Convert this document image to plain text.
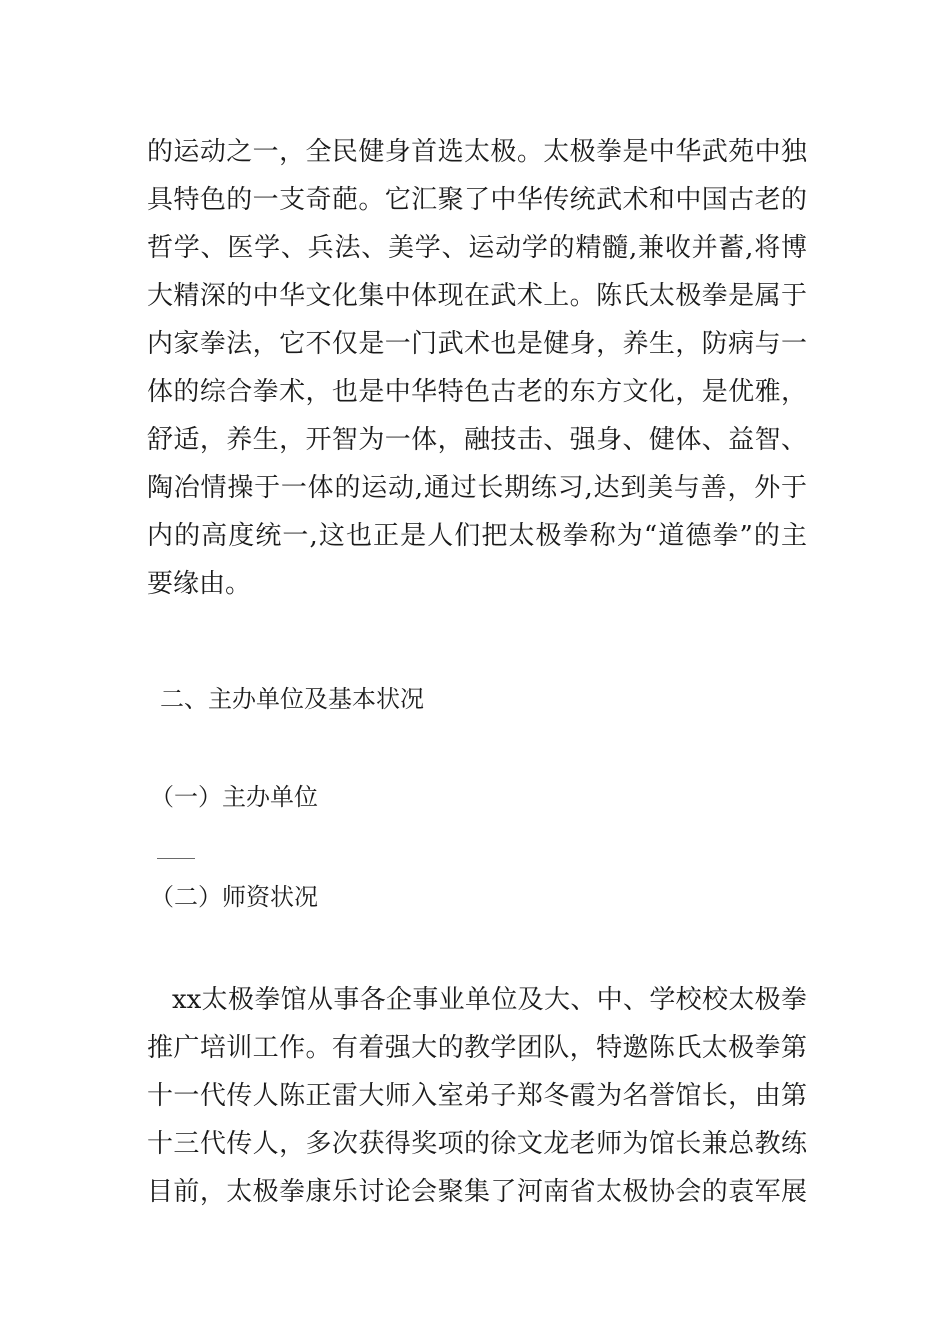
的运动之一，全民健身首选太极。太极拳是中华武苑中独
具特色的一支奇葩。它汇聚了中华传统武术和中国古老的
哲学、医学、兵法、美学、运动学的精髓,兼收并蓄,将博
大精深的中华文化集中体现在武术上。陈氏太极拳是属于
内家拳法，它不仅是一门武术也是健身，养生，防病与一
体的综合拳术，也是中华特色古老的东方文化，是优雅，
舒适，养生，开智为一体，融技击、强身、健体、益智、
陶冶情操于一体的运动,通过长期练习,达到美与善，外于
内的高度统一,这也正是人们把太极拳称为“道德拳”的主
要缘由。
二、主办单位及基本状况
（一）主办单位
（二）师资状况
xx太极拳馆从事各企事业单位及大、中、学校校太极拳
推广培训工作。有着强大的教学团队，特邀陈氏太极拳第
十一代传人陈正雷大师入室弟子郑冬霞为名誉馆长，由第
十三代传人，多次获得奖项的徐文龙老师为馆长兼总教练
目前，太极拳康乐讨论会聚集了河南省太极协会的袁军展
